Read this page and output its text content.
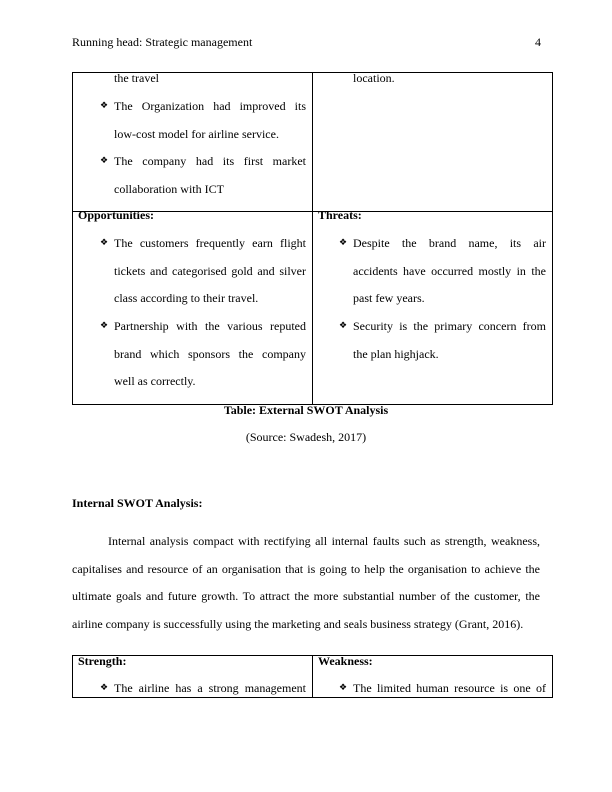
Running head: Strategic management	4
the travel
❖ The Organization had improved its low-cost model for airline service.
❖ The company had its first market collaboration with ICT
location.
Opportunities:
❖ The customers frequently earn flight tickets and categorised gold and silver class according to their travel.
❖ Partnership with the various reputed brand which sponsors the company well as correctly.
Threats:
❖ Despite the brand name, its air accidents have occurred mostly in the past few years.
❖ Security is the primary concern from the plan highjack.
Table: External SWOT Analysis
(Source: Swadesh, 2017)
Internal SWOT Analysis:
Internal analysis compact with rectifying all internal faults such as strength, weakness, capitalises and resource of an organisation that is going to help the organisation to achieve the ultimate goals and future growth. To attract the more substantial number of the customer, the airline company is successfully using the marketing and seals business strategy (Grant, 2016).
Strength:
❖ The airline has a strong management
Weakness:
❖ The limited human resource is one of
